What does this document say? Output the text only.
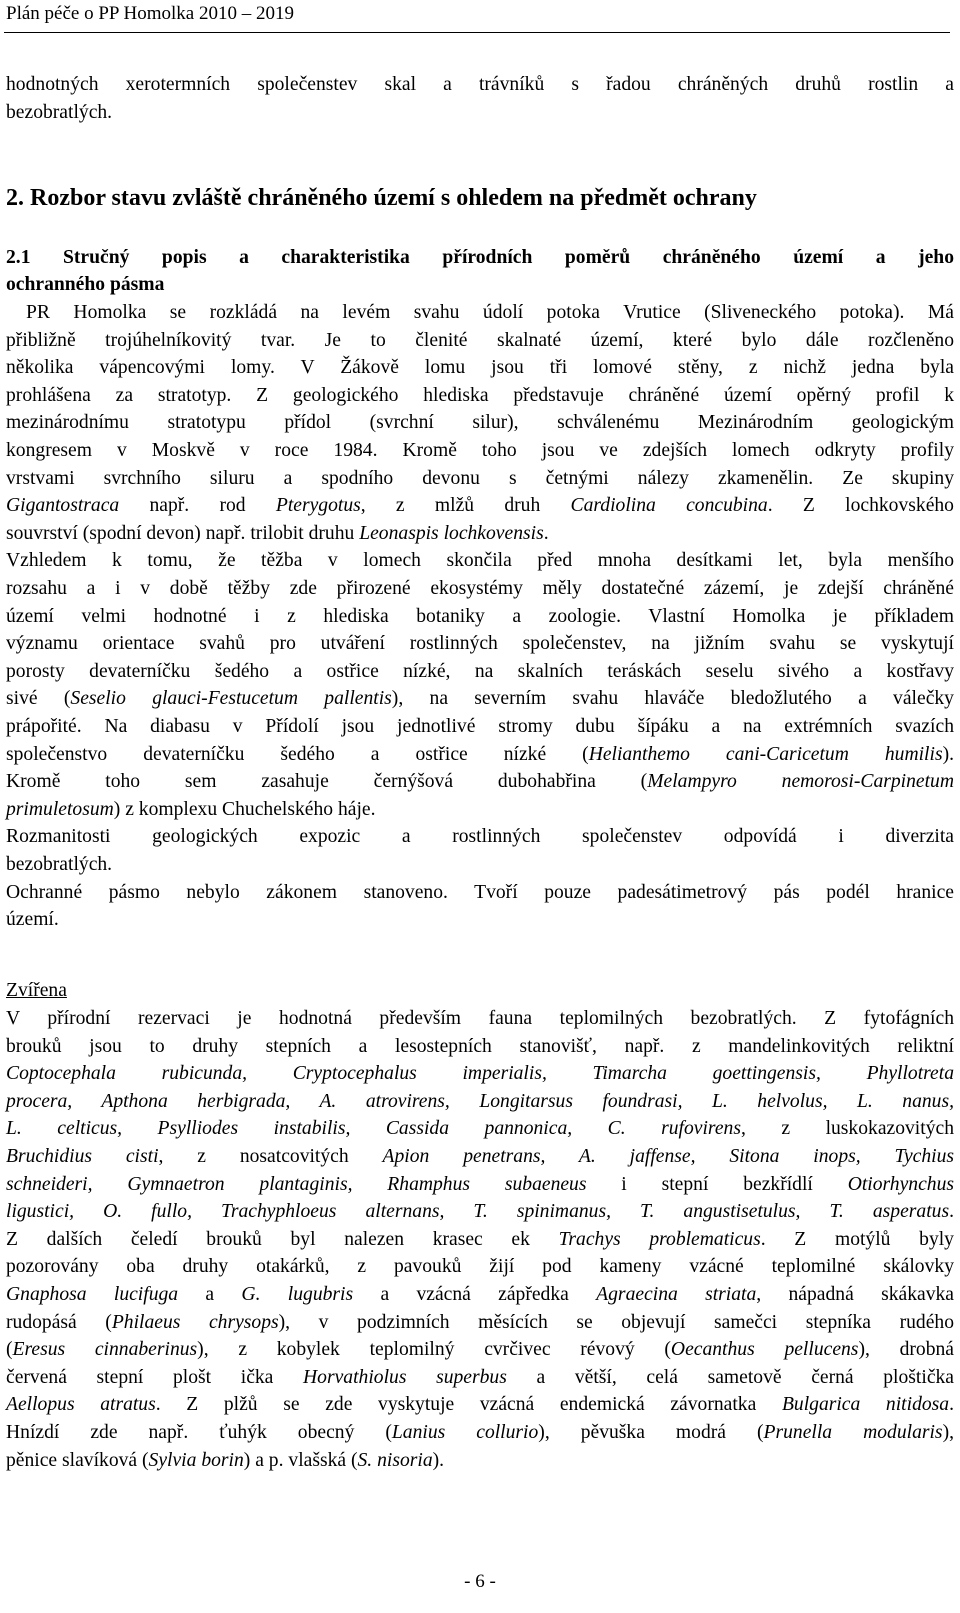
Plán péče o PP Homolka 2010 – 2019
hodnotných xerotermních společenstev skal a trávníků s řadou chráněných druhů rostlin a
bezobratlých.
2. Rozbor stavu zvláště chráněného území s ohledem na předmět ochrany
2.1 Stručný popis a charakteristika přírodních poměrů chráněného území a jeho
ochranného pásma
PR Homolka se rozkládá na levém svahu údolí potoka Vrutice (Sliveneckého potoka). Má
přibližně trojúhelníkovitý tvar. Je to členité skalnaté území, které bylo dále rozčleněno
několika vápencovými lomy. V Žákově lomu jsou tři lomové stěny, z nichž jedna byla
prohlášena za stratotyp. Z geologického hlediska představuje chráněné území opěrný profil k
mezinárodnímu stratotypu přídol (svrchní silur), schválenému Mezinárodním geologickým
kongresem v Moskvě v roce 1984. Kromě toho jsou ve zdejších lomech odkryty profily
vrstvami svrchního siluru a spodního devonu s četnými nálezy zkamenělin. Ze skupiny
Gigantostraca např. rod Pterygotus, z mlžů druh Cardiolina concubina. Z lochkovského
souvrství (spodní devon) např. trilobit druhu Leonaspis lochkovensis.
Vzhledem k tomu, že těžba v lomech skončila před mnoha desítkami let, byla menšího
rozsahu a i v době těžby zde přirozené ekosystémy měly dostatečné zázemí, je zdejší chráněné
území velmi hodnotné i z hlediska botaniky a zoologie. Vlastní Homolka je příkladem
významu orientace svahů pro utváření rostlinných společenstev, na jižním svahu se vyskytují
porosty devaterníčku šedého a ostřice nízké, na skalních teráskách seselu sivého a kostřavy
sivé (Seselio glauci-Festucetum pallentis), na severním svahu hlaváče bledožlutého a válečky
prápořité. Na diabasu v Přídolí jsou jednotlivé stromy dubu šípáku a na extrémních svazích
společenstvo devaterníčku šedého a ostřice nízké (Helianthemo cani-Caricetum humilis).
Kromě toho sem zasahuje černýšová dubohabřina (Melampyro nemorosi-Carpinetum
primuletosum) z komplexu Chuchelského háje.
Rozmanitosti geologických expozic a rostlinných společenstev odpovídá i diverzita
bezobratlých.
Ochranné pásmo nebylo zákonem stanoveno. Tvoří pouze padesátimetrový pás podél hranice
území.
Zvířena
V přírodní rezervaci je hodnotná především fauna teplomilných bezobratlých. Z fytofágních
brouků jsou to druhy stepních a lesostepních stanovišť, např. z mandelinkovitých reliktní
Coptocephala rubicunda, Cryptocephalus imperialis, Timarcha goettingensis, Phyllotreta
procera, Apthona herbigrada, A. atrovirens, Longitarsus foundrasi, L. helvolus, L. nanus,
L. celticus, Psylliodes instabilis, Cassida pannonica, C. rufovirens, z luskokazovitých
Bruchidius cisti, z nosatcovitých Apion penetrans, A. jaffense, Sitona inops, Tychius
schneideri, Gymnaetron plantaginis, Rhamphus subaeneus i stepní bezkřídlí Otiorhynchus
ligustici, O. fullo, Trachyphloeus alternans, T. spinimanus, T. angustisetulus, T. asperatus.
Z dalších čeledí brouků byl nalezen krasec ek Trachys problematicus. Z motýlů byly
pozorovány oba druhy otakárků, z pavouků žijí pod kameny vzácné teplomilné skálovky
Gnaphosa lucifuga a G. lugubris a vzácná zápředka Agraecina striata, nápadná skákavka
rudopásá (Philaeus chrysops), v podzimních měsících se objevují samečci stepníka rudého
(Eresus cinnaberinus), z kobylek teplomilný cvrčivec révový (Oecanthus pellucens), drobná
červená stepní plošt ička Horvathiolus superbus a větší, celá sametově černá ploštička
Aellopus atratus. Z plžů se zde vyskytuje vzácná endemická závornatka Bulgarica nitidosa.
Hnízdí zde např. ťuhýk obecný (Lanius collurio), pěvuška modrá (Prunella modularis),
pěnice slavíková (Sylvia borin) a p. vlašská (S. nisoria).
- 6 -
